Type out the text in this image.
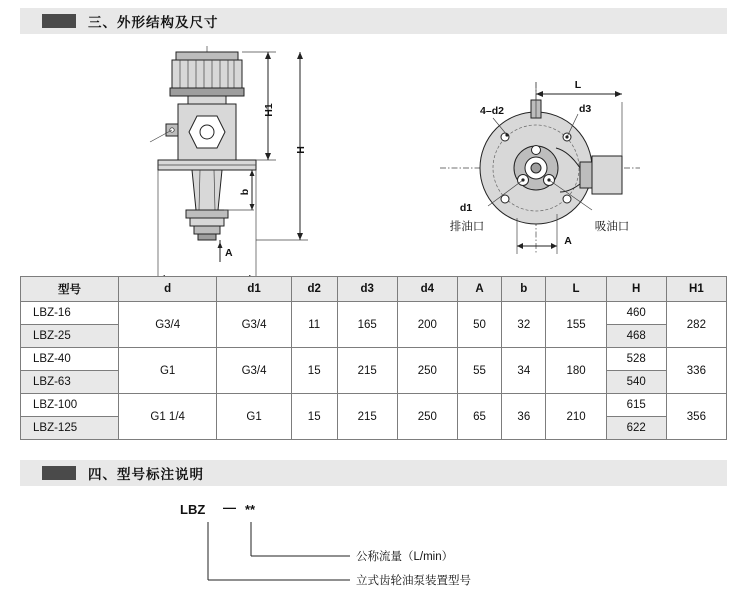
三、外形结构及尺寸
H1
H
b
A
L
4–d2	d3
d1
排油口	吸油口
A
型号	d	d1	d2	d3	d4	A	b	L	H	H1
LBZ-16	G3/4	G3/4	11	165	200	50	32	155	460	282
LBZ-25									468	
LBZ-40	G1	G3/4	15	215	250	55	34	180	528	336
LBZ-63									540	
LBZ-100	G1 1/4	G1	15	215	250	65	36	210	615	356
LBZ-125									622	
四、型号标注说明
LBZ — **
公称流量（L/min）
立式齿轮油泵装置型号
